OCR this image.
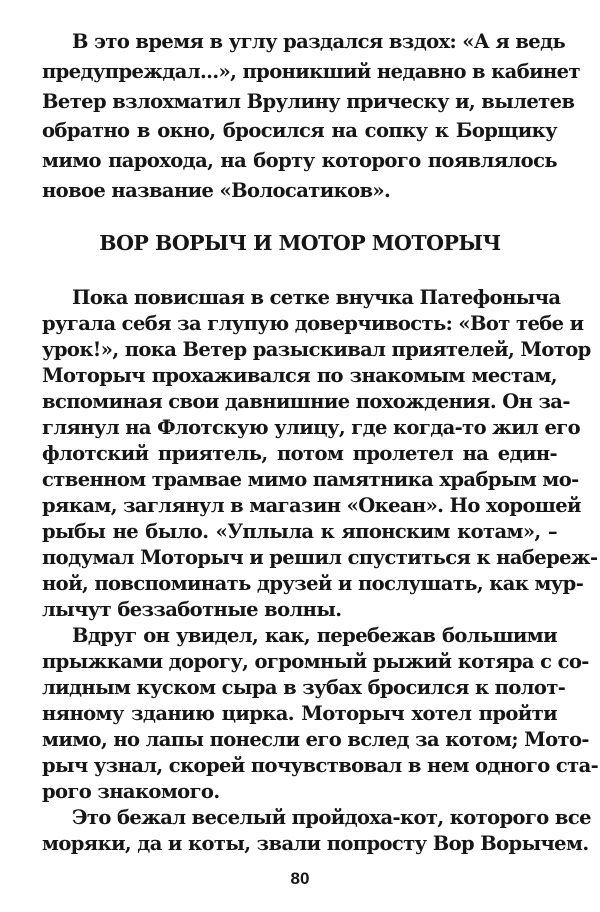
В это время в углу раздался вздох: «А я ведь
предупреждал...», проникший недавно в кабинет
Ветер взлохматил Врулину прическу и, вылетев
обратно в окно, бросился на сопку к Борщику
мимо парохода, на борту которого появлялось
новое название «Волосатиков».
ВОР ВОРЫЧ И МОТОР МОТОРЫЧ
Пока повисшая в сетке внучка Патефоныча
ругала себя за глупую доверчивость: «Вот тебе и
урок!», пока Ветер разыскивал приятелей, Мотор
Моторыч прохаживался по знакомым местам,
вспоминая свои давнишние похождения. Он за-
глянул на Флотскую улицу, где когда-то жил его
флотский приятель, потом пролетел на един-
ственном трамвае мимо памятника храбрым мо-
рякам, заглянул в магазин «Океан». Но хорошей
рыбы не было. «Уплыла к японским котам», –
подумал Моторыч и решил спуститься к набереж-
ной, повспоминать друзей и послушать, как мур-
лычут беззаботные волны.
Вдруг он увидел, как, перебежав большими
прыжками дорогу, огромный рыжий котяра с со-
лидным куском сыра в зубах бросился к полот-
няному зданию цирка. Моторыч хотел пройти
мимо, но лапы понесли его вслед за котом; Мото-
рыч узнал, скорей почувствовал в нем одного ста-
рого знакомого.
Это бежал веселый пройдоха-кот, которого все
моряки, да и коты, звали попросту Вор Ворычем.
80
